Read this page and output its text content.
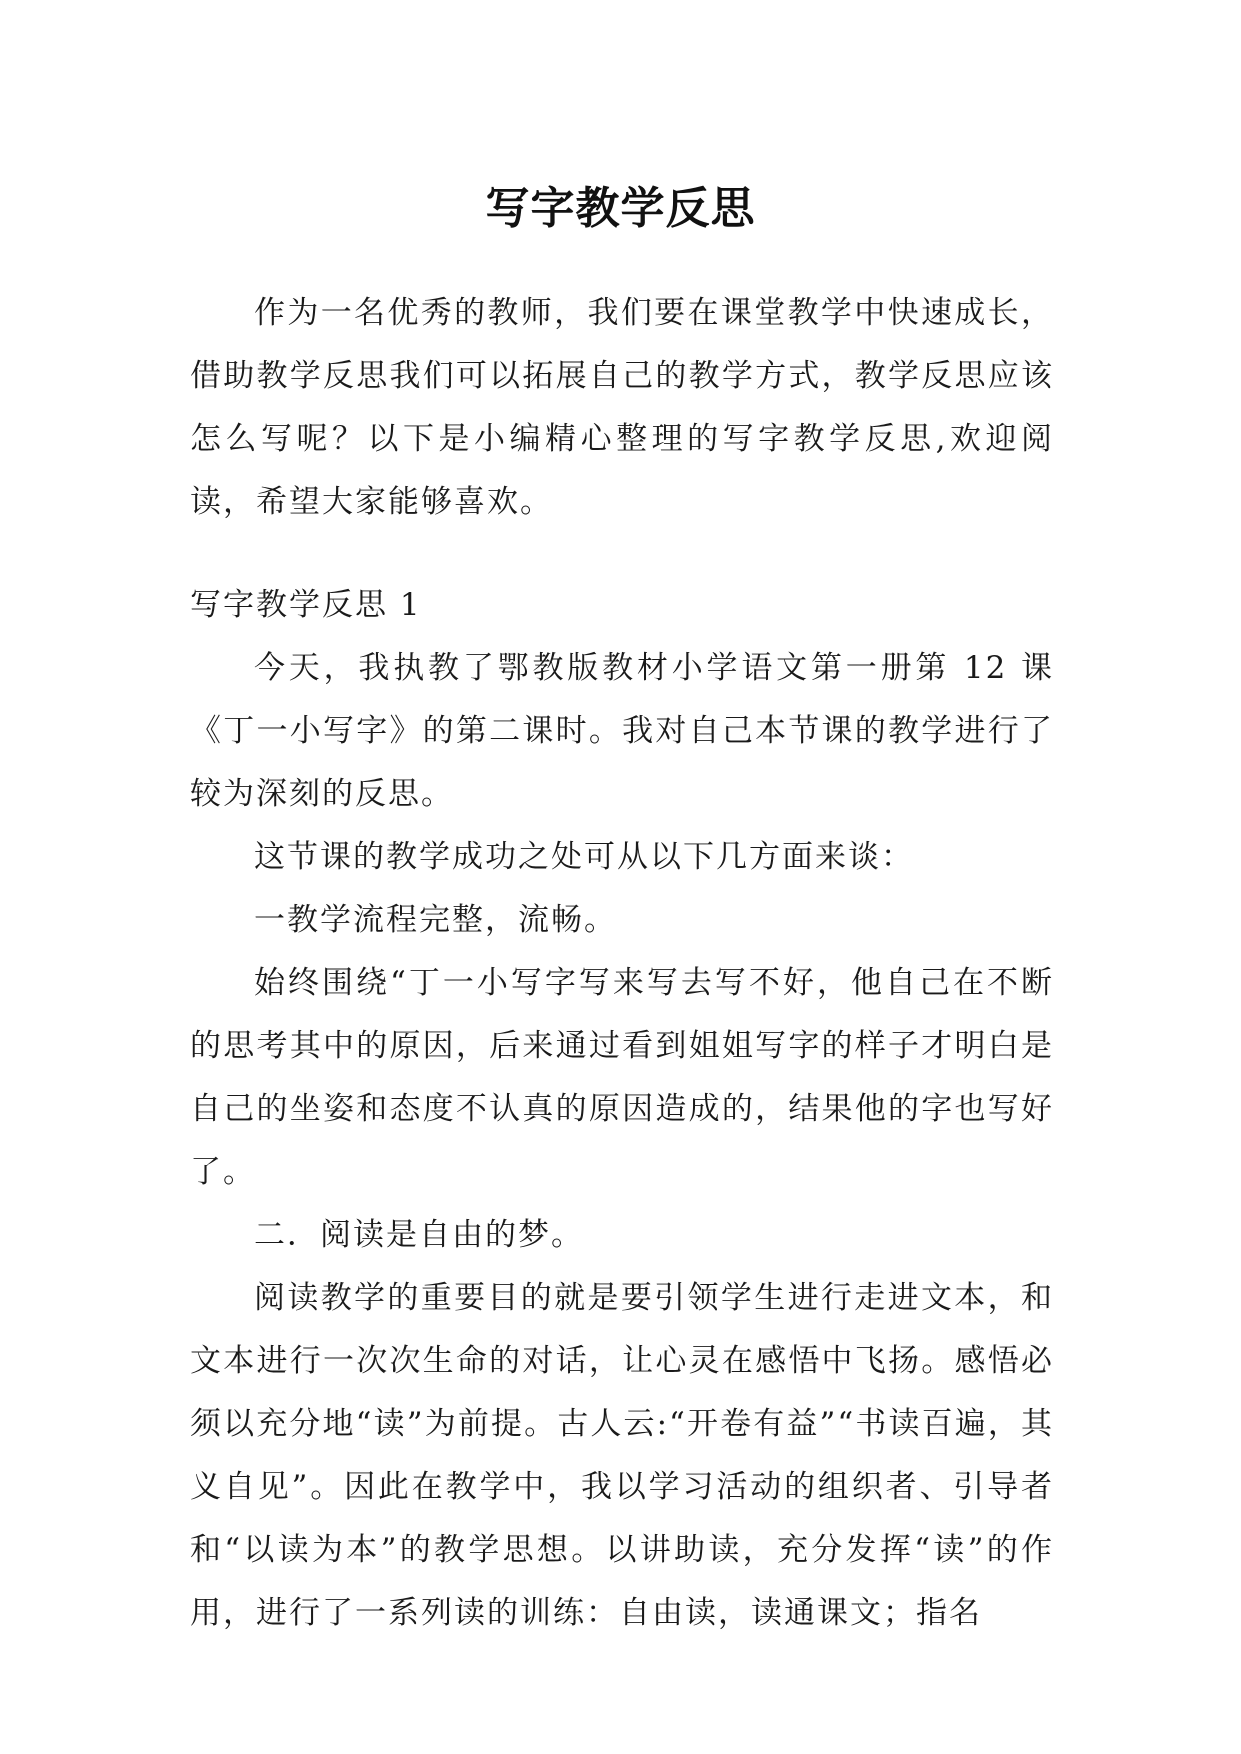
写字教学反思

作为一名优秀的教师，我们要在课堂教学中快速成长，借助教学反思我们可以拓展自己的教学方式，教学反思应该怎么写呢？以下是小编精心整理的写字教学反思,欢迎阅读，希望大家能够喜欢。

写字教学反思 1

今天，我执教了鄂教版教材小学语文第一册第 12 课《丁一小写字》的第二课时。我对自己本节课的教学进行了较为深刻的反思。

这节课的教学成功之处可从以下几方面来谈：

一教学流程完整，流畅。

始终围绕“丁一小写字写来写去写不好，他自己在不断的思考其中的原因，后来通过看到姐姐写字的样子才明白是自己的坐姿和态度不认真的原因造成的，结果他的字也写好了。

二．阅读是自由的梦。

阅读教学的重要目的就是要引领学生进行走进文本，和文本进行一次次生命的对话，让心灵在感悟中飞扬。感悟必须以充分地“读”为前提。古人云:“开卷有益”“书读百遍，其义自见”。因此在教学中，我以学习活动的组织者、引导者和“以读为本”的教学思想。以讲助读，充分发挥“读”的作用，进行了一系列读的训练：自由读，读通课文；指名
